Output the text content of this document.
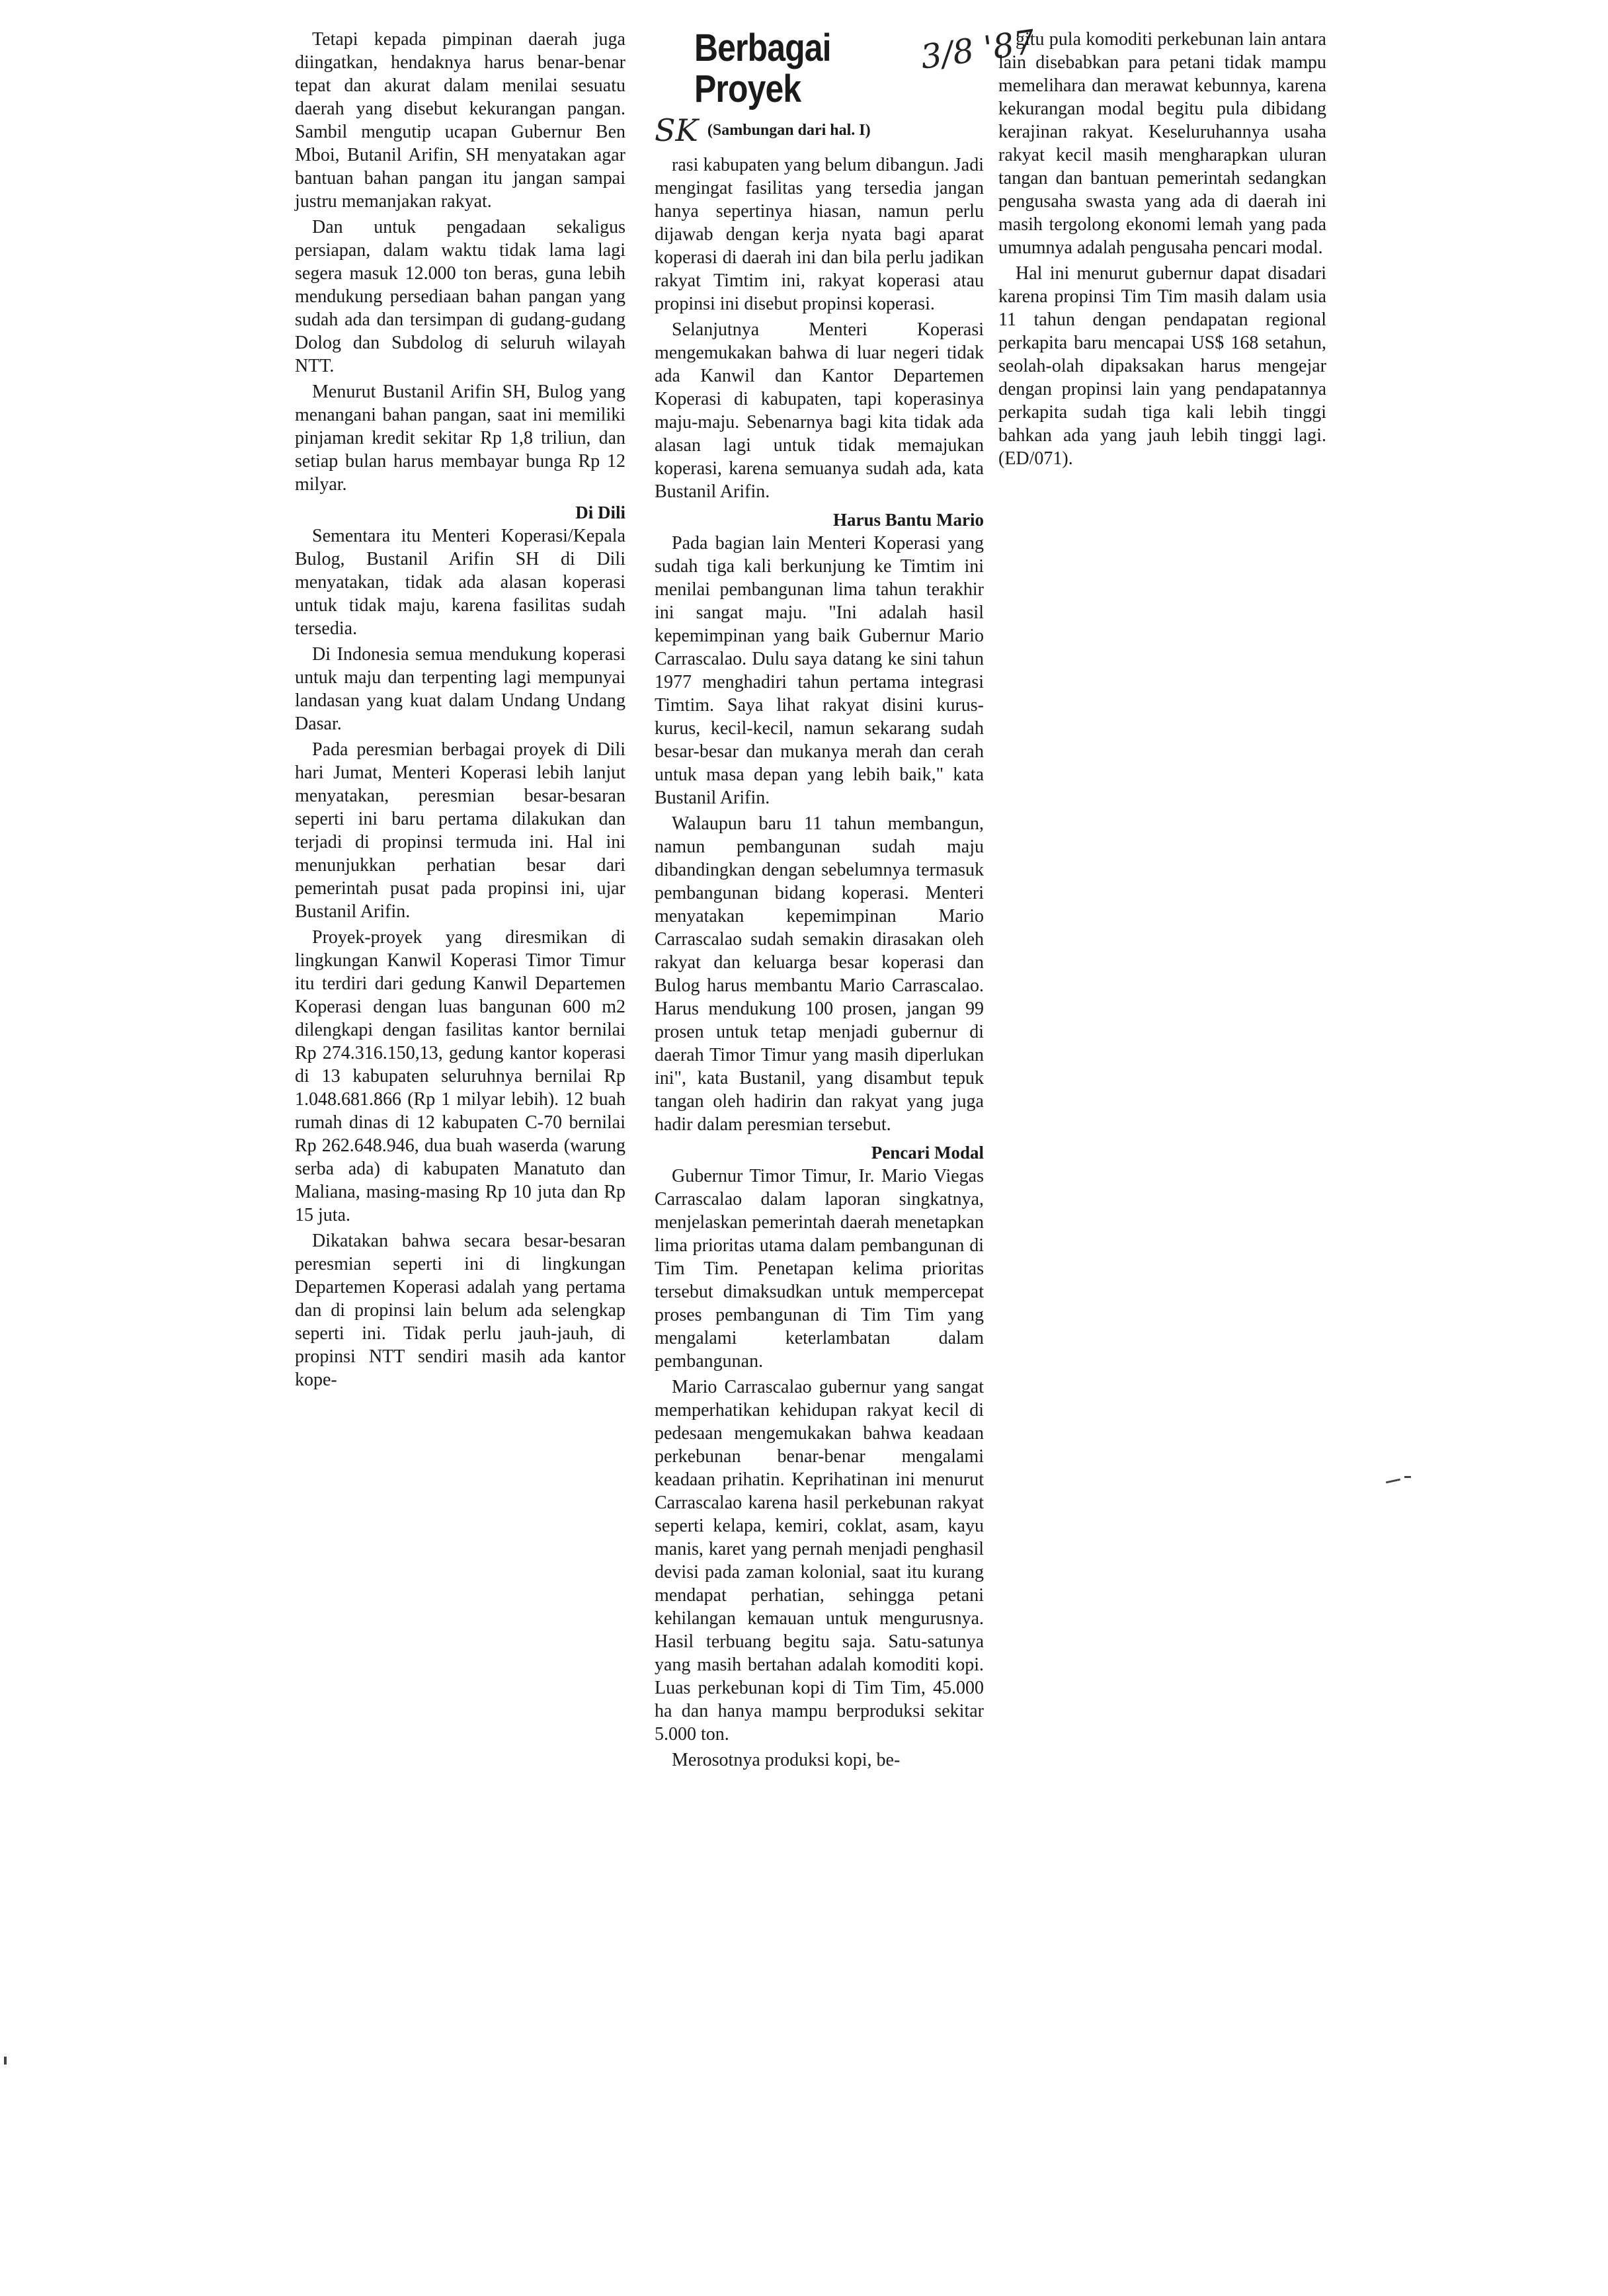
Tetapi kepada pimpinan daerah juga diingatkan, hendaknya harus benar-benar tepat dan akurat dalam menilai sesuatu daerah yang disebut kekurangan pangan. Sambil mengutip ucapan Gubernur Ben Mboi, Butanil Arifin, SH menyatakan agar bantuan bahan pangan itu jangan sampai justru memanjakan rakyat.

Dan untuk pengadaan sekaligus persiapan, dalam waktu tidak lama lagi segera masuk 12.000 ton beras, guna lebih mendukung persediaan bahan pangan yang sudah ada dan tersimpan di gudang-gudang Dolog dan Subdolog di seluruh wilayah NTT.

Menurut Bustanil Arifin SH, Bulog yang menangani bahan pangan, saat ini memiliki pinjaman kredit sekitar Rp 1,8 triliun, dan setiap bulan harus membayar bunga Rp 12 milyar.

Di Dili

Sementara itu Menteri Koperasi/Kepala Bulog, Bustanil Arifin SH di Dili menyatakan, tidak ada alasan koperasi untuk tidak maju, karena fasilitas sudah tersedia.

Di Indonesia semua mendukung koperasi untuk maju dan terpenting lagi mempunyai landasan yang kuat dalam Undang Undang Dasar.

Pada peresmian berbagai proyek di Dili hari Jumat, Menteri Koperasi lebih lanjut menyatakan, peresmian besar-besaran seperti ini baru pertama dilakukan dan terjadi di propinsi termuda ini. Hal ini menunjukkan perhatian besar dari pemerintah pusat pada propinsi ini, ujar Bustanil Arifin.

Proyek-proyek yang diresmikan di lingkungan Kanwil Koperasi Timor Timur itu terdiri dari gedung Kanwil Departemen Koperasi dengan luas bangunan 600 m2 dilengkapi dengan fasilitas kantor bernilai Rp 274.316.150,13, gedung kantor koperasi di 13 kabupaten seluruhnya bernilai Rp 1.048.681.866 (Rp 1 milyar lebih). 12 buah rumah dinas di 12 kabupaten C-70 bernilai Rp 262.648.946, dua buah waserda (warung serba ada) di kabupaten Manatuto dan Maliana, masing-masing Rp 10 juta dan Rp 15 juta.

Dikatakan bahwa secara besar-besaran peresmian seperti ini di lingkungan Departemen Koperasi adalah yang pertama dan di propinsi lain belum ada selengkap seperti ini. Tidak perlu jauh-jauh, di propinsi NTT sendiri masih ada kantor kope-

Berbagai Proyek
SK (Sambungan dari hal. I)

rasi kabupaten yang belum dibangun. Jadi mengingat fasilitas yang tersedia jangan hanya sepertinya hiasan, namun perlu dijawab dengan kerja nyata bagi aparat koperasi di daerah ini dan bila perlu jadikan rakyat Timtim ini, rakyat koperasi atau propinsi ini disebut propinsi koperasi.

Selanjutnya Menteri Koperasi mengemukakan bahwa di luar negeri tidak ada Kanwil dan Kantor Departemen Koperasi di kabupaten, tapi koperasinya maju-maju. Sebenarnya bagi kita tidak ada alasan lagi untuk tidak memajukan koperasi, karena semuanya sudah ada, kata Bustanil Arifin.

Harus Bantu Mario

Pada bagian lain Menteri Koperasi yang sudah tiga kali berkunjung ke Timtim ini menilai pembangunan lima tahun terakhir ini sangat maju. "Ini adalah hasil kepemimpinan yang baik Gubernur Mario Carrascalao. Dulu saya datang ke sini tahun 1977 menghadiri tahun pertama integrasi Timtim. Saya lihat rakyat disini kurus-kurus, kecil-kecil, namun sekarang sudah besar-besar dan mukanya merah dan cerah untuk masa depan yang lebih baik," kata Bustanil Arifin.

Walaupun baru 11 tahun membangun, namun pembangunan sudah maju dibandingkan dengan sebelumnya termasuk pembangunan bidang koperasi. Menteri menyatakan kepemimpinan Mario Carrascalao sudah semakin dirasakan oleh rakyat dan keluarga besar koperasi dan Bulog harus membantu Mario Carrascalao. Harus mendukung 100 prosen, jangan 99 prosen untuk tetap menjadi gubernur di daerah Timor Timur yang masih diperlukan ini", kata Bustanil, yang disambut tepuk tangan oleh hadirin dan rakyat yang juga hadir dalam peresmian tersebut.

Pencari Modal

Gubernur Timor Timur, Ir. Mario Viegas Carrascalao dalam laporan singkatnya, menjelaskan pemerintah daerah menetapkan lima prioritas utama dalam pembangunan di Tim Tim. Penetapan kelima prioritas tersebut dimaksudkan untuk mempercepat proses pembangunan di Tim Tim yang mengalami keterlambatan dalam pembangunan.

Mario Carrascalao gubernur yang sangat memperhatikan kehidupan rakyat kecil di pedesaan mengemukakan bahwa keadaan perkebunan benar-benar mengalami keadaan prihatin. Keprihatinan ini menurut Carrascalao karena hasil perkebunan rakyat seperti kelapa, kemiri, coklat, asam, kayu manis, karet yang pernah menjadi penghasil devisi pada zaman kolonial, saat itu kurang mendapat perhatian, sehingga petani kehilangan kemauan untuk mengurusnya. Hasil terbuang begitu saja. Satu-satunya yang masih bertahan adalah komoditi kopi. Luas perkebunan kopi di Tim Tim, 45.000 ha dan hanya mampu berproduksi sekitar 5.000 ton.

Merosotnya produksi kopi, be-

3/8 '87

gitu pula komoditi perkebunan lain antara lain disebabkan para petani tidak mampu memelihara dan merawat kebunnya, karena kekurangan modal begitu pula dibidang kerajinan rakyat. Keseluruhannya usaha rakyat kecil masih mengharapkan uluran tangan dan bantuan pemerintah sedangkan pengusaha swasta yang ada di daerah ini masih tergolong ekonomi lemah yang pada umumnya adalah pengusaha pencari modal.

Hal ini menurut gubernur dapat disadari karena propinsi Tim Tim masih dalam usia 11 tahun dengan pendapatan regional perkapita baru mencapai US$ 168 setahun, seolah-olah dipaksakan harus mengejar dengan propinsi lain yang pendapatannya perkapita sudah tiga kali lebih tinggi bahkan ada yang jauh lebih tinggi lagi. (ED/071).
